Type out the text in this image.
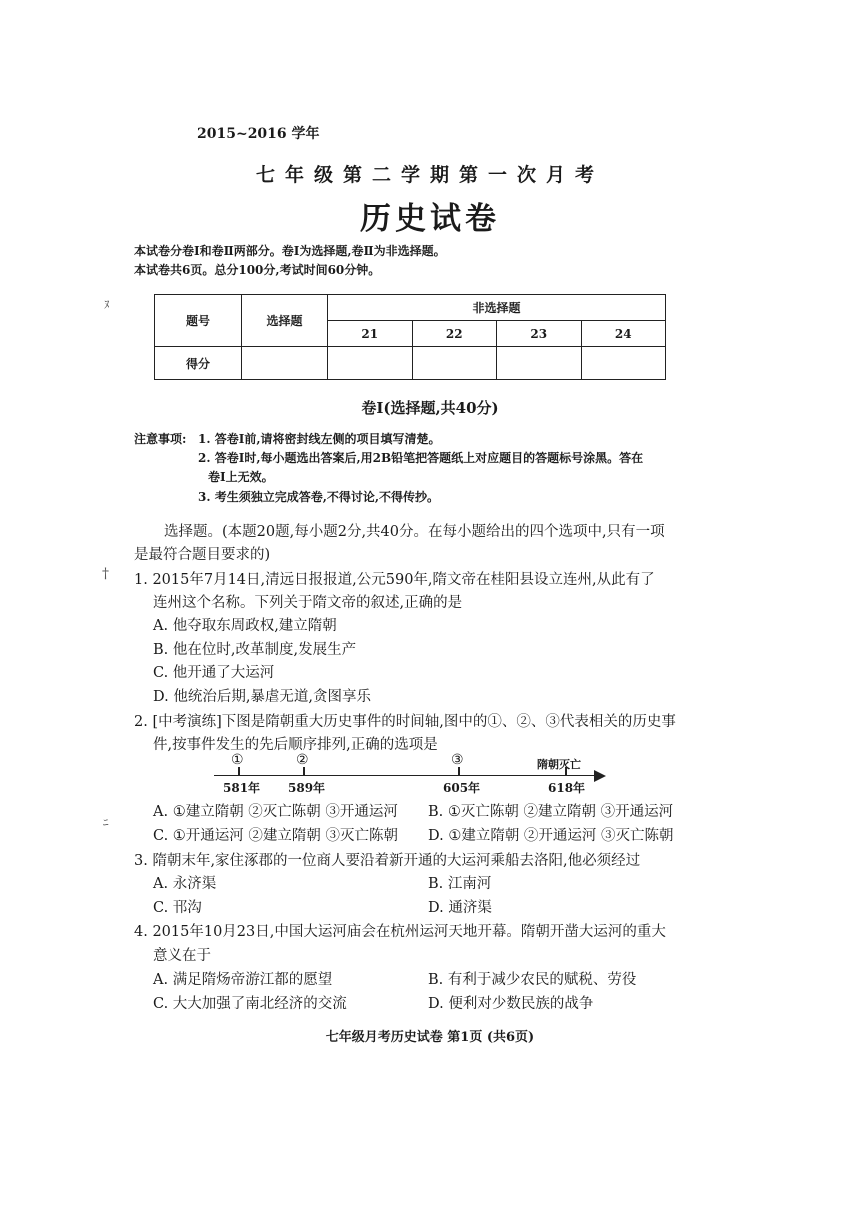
ﾇ
†
ﾆ
2015~2016 学年
七年级第二学期第一次月考
历史试卷
本试卷分卷Ⅰ和卷Ⅱ两部分。卷Ⅰ为选择题,卷Ⅱ为非选择题。
本试卷共6页。总分100分,考试时间60分钟。
题号	选择题	非选择题			
		21	22	23	24
得分					
卷Ⅰ(选择题,共40分)
注意事项: 1. 答卷Ⅰ前,请将密封线左侧的项目填写清楚。
2. 答卷Ⅰ时,每小题选出答案后,用2B铅笔把答题纸上对应题目的答题标号涂黑。答在
卷Ⅰ上无效。
3. 考生须独立完成答卷,不得讨论,不得传抄。
选择题。(本题20题,每小题2分,共40分。在每小题给出的四个选项中,只有一项
是最符合题目要求的)
1. 2015年7月14日,清远日报报道,公元590年,隋文帝在桂阳县设立连州,从此有了
连州这个名称。下列关于隋文帝的叙述,正确的是
A. 他夺取东周政权,建立隋朝
B. 他在位时,改革制度,发展生产
C. 他开通了大运河
D. 他统治后期,暴虐无道,贪图享乐
2. [中考演练]下图是隋朝重大历史事件的时间轴,图中的①、②、③代表相关的历史事
件,按事件发生的先后顺序排列,正确的选项是
①	②	③	隋朝灭亡
581年 589年	605年	618年
A. ①建立隋朝 ②灭亡陈朝 ③开通运河 B. ①灭亡陈朝 ②建立隋朝 ③开通运河
C. ①开通运河 ②建立隋朝 ③灭亡陈朝 D. ①建立隋朝 ②开通运河 ③灭亡陈朝
3. 隋朝末年,家住涿郡的一位商人要沿着新开通的大运河乘船去洛阳,他必须经过
A. 永济渠	B. 江南河
C. 邗沟	D. 通济渠
4. 2015年10月23日,中国大运河庙会在杭州运河天地开幕。隋朝开凿大运河的重大
意义在于
A. 满足隋炀帝游江都的愿望	B. 有利于减少农民的赋税、劳役
C. 大大加强了南北经济的交流	D. 便利对少数民族的战争
七年级月考历史试卷 第1页 (共6页)
